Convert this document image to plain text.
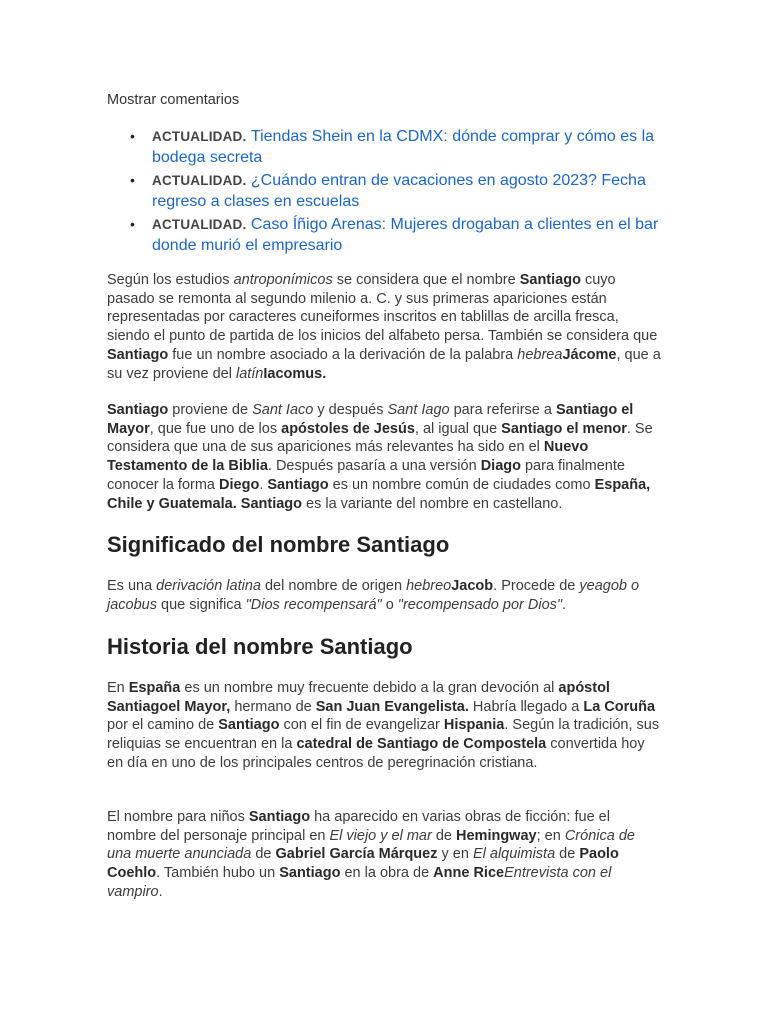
Mostrar comentarios
• ACTUALIDAD. Tiendas Shein en la CDMX: dónde comprar y cómo es la bodega secreta
• ACTUALIDAD. ¿Cuándo entran de vacaciones en agosto 2023? Fecha regreso a clases en escuelas
• ACTUALIDAD. Caso Íñigo Arenas: Mujeres drogaban a clientes en el bar donde murió el empresario

Según los estudios antroponímicos se considera que el nombre Santiago cuyo pasado se remonta al segundo milenio a. C. y sus primeras apariciones están representadas por caracteres cuneiformes inscritos en tablillas de arcilla fresca, siendo el punto de partida de los inicios del alfabeto persa. También se considera que Santiago fue un nombre asociado a la derivación de la palabra hebreaJácome, que a su vez proviene del latínIacomus.

Santiago proviene de Sant Iaco y después Sant Iago para referirse a Santiago el Mayor, que fue uno de los apóstoles de Jesús, al igual que Santiago el menor. Se considera que una de sus apariciones más relevantes ha sido en el Nuevo Testamento de la Biblia. Después pasaría a una versión Diago para finalmente conocer la forma Diego. Santiago es un nombre común de ciudades como España, Chile y Guatemala. Santiago es la variante del nombre en castellano.

Significado del nombre Santiago

Es una derivación latina del nombre de origen hebreoJacob. Procede de yeagob o jacobus que significa "Dios recompensará" o "recompensado por Dios".

Historia del nombre Santiago

En España es un nombre muy frecuente debido a la gran devoción al apóstol Santiagoel Mayor, hermano de San Juan Evangelista. Habría llegado a La Coruña por el camino de Santiago con el fin de evangelizar Hispania. Según la tradición, sus reliquias se encuentran en la catedral de Santiago de Compostela convertida hoy en día en uno de los principales centros de peregrinación cristiana.

El nombre para niños Santiago ha aparecido en varias obras de ficción: fue el nombre del personaje principal en El viejo y el mar de Hemingway; en Crónica de una muerte anunciada de Gabriel García Márquez y en El alquimista de Paolo Coehlo. También hubo un Santiago en la obra de Anne RiceEntrevista con el vampiro.
